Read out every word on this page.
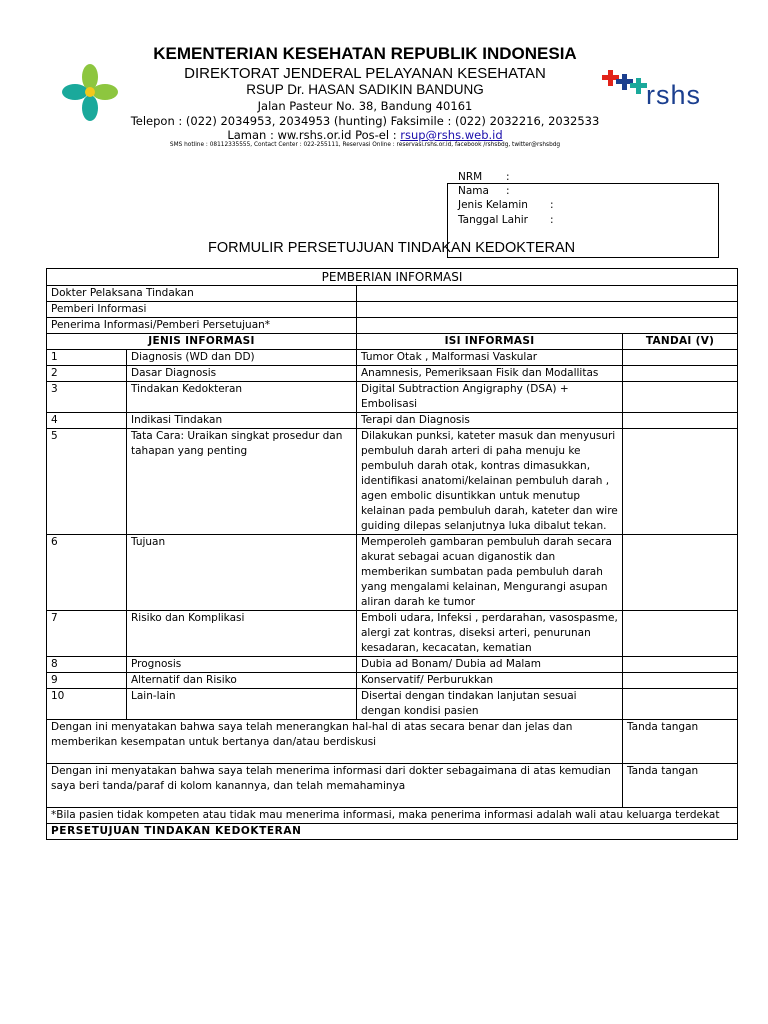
rshs
KEMENTERIAN KESEHATAN REPUBLIK INDONESIA
DIREKTORAT JENDERAL PELAYANAN KESEHATAN
RSUP Dr. HASAN SADIKIN BANDUNG
Jalan Pasteur No. 38, Bandung 40161
Telepon : (022) 2034953, 2034953 (hunting) Faksimile : (022) 2032216, 2032533
Laman : ww.rshs.or.id Pos-el : rsup@rshs.web.id
SMS hotline : 08112335555, Contact Center : 022-255111, Reservasi Online : reservasi.rshs.or.id, facebook /rshsbdg, twitter@rshsbdg
NRM :
Nama :
Jenis Kelamin :
Tanggal Lahir :
FORMULIR PERSETUJUAN TINDAKAN KEDOKTERAN
PEMBERIAN INFORMASI			
Dokter Pelaksana Tindakan			
Pemberi Informasi			
Penerima Informasi/Pemberi Persetujuan*			
JENIS INFORMASI		ISI INFORMASI	TANDAI (V)
1	Diagnosis (WD dan DD)	Tumor Otak , Malformasi Vaskular	
2	Dasar Diagnosis	Anamnesis, Pemeriksaan Fisik dan Modallitas	
3	Tindakan Kedokteran	Digital Subtraction Angigraphy (DSA) + Embolisasi	
4	Indikasi Tindakan	Terapi dan Diagnosis	
5	Tata Cara: Uraikan singkat prosedur dan tahapan yang penting	Dilakukan punksi, kateter masuk dan menyusuri pembuluh darah arteri di paha menuju ke pembuluh darah otak, kontras dimasukkan, identifikasi anatomi/kelainan pembuluh darah , agen embolic disuntikkan untuk menutup kelainan pada pembuluh darah, kateter dan wire guiding dilepas selanjutnya luka dibalut tekan.	
6	Tujuan	Memperoleh gambaran pembuluh darah secara akurat sebagai acuan diganostik dan memberikan sumbatan pada pembuluh darah yang mengalami kelainan, Mengurangi asupan aliran darah ke tumor	
7	Risiko dan Komplikasi	Emboli udara, Infeksi , perdarahan, vasospasme, alergi zat kontras, diseksi arteri, penurunan kesadaran, kecacatan, kematian	
8	Prognosis	Dubia ad Bonam/ Dubia ad Malam	
9	Alternatif dan Risiko	Konservatif/ Perburukkan	
10	Lain-lain	Disertai dengan tindakan lanjutan sesuai dengan kondisi pasien	
Dengan ini menyatakan bahwa saya telah menerangkan hal-hal di atas secara benar dan jelas dan memberikan kesempatan untuk bertanya dan/atau berdiskusi			Tanda tangan
Dengan ini menyatakan bahwa saya telah menerima informasi dari dokter sebagaimana di atas kemudian saya beri tanda/paraf di kolom kanannya, dan telah memahaminya			Tanda tangan
*Bila pasien tidak kompeten atau tidak mau menerima informasi, maka penerima informasi adalah wali atau keluarga terdekat			
PERSETUJUAN TINDAKAN KEDOKTERAN			
